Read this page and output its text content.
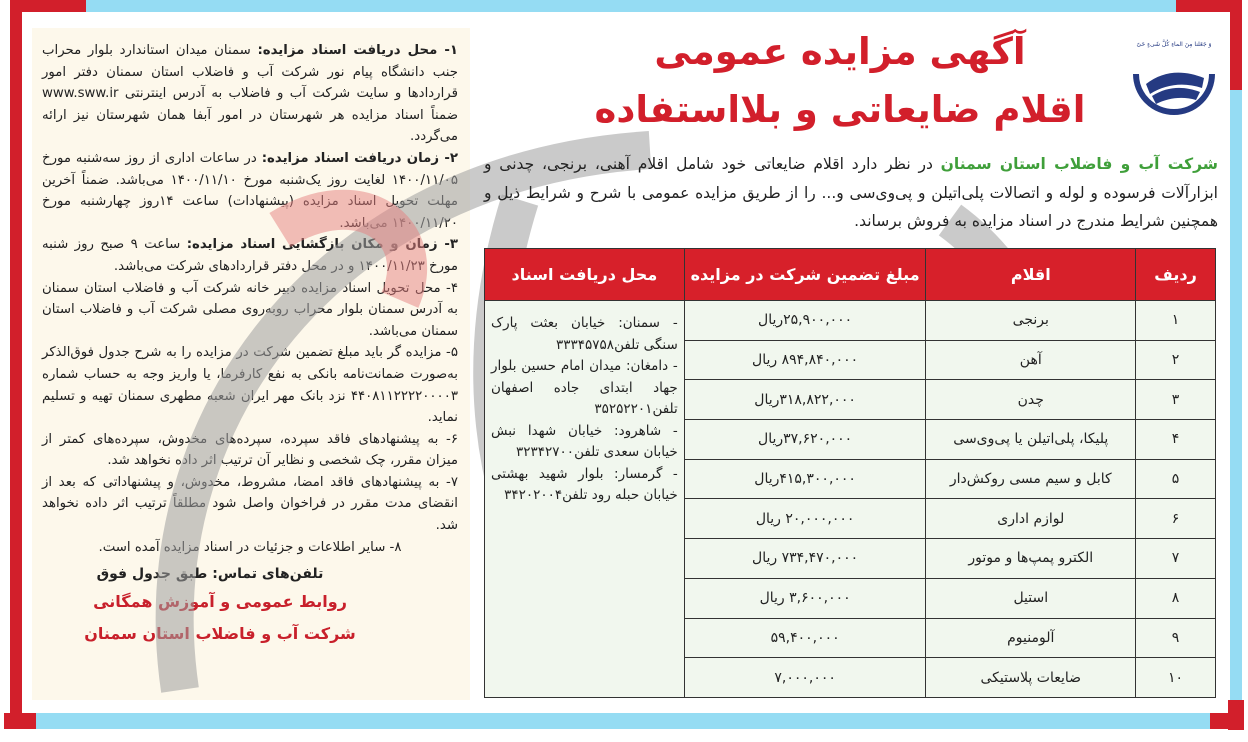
۱- محل دریافت اسناد مزایده: سمنان میدان استاندارد بلوار محراب جنب دانشگاه پیام نور شرکت آب و فاضلاب استان سمنان دفتر امور قراردادها و سایت شرکت آب و فاضلاب به آدرس اینترنتی www.sww.ir ضمناً اسناد مزایده هر شهرستان در امور آبفا همان شهرستان نیز ارائه می‌گردد.

۲- زمان دریافت اسناد مزایده: در ساعات اداری از روز سه‌شنبه مورخ ۱۴۰۰/۱۱/۰۵ لغایت روز یک‌شنبه مورخ ۱۴۰۰/۱۱/۱۰ می‌باشد. ضمناً آخرین مهلت تحویل اسناد مزایده (پیشنهادات) ساعت ۱۴روز چهارشنبه مورخ ۱۴۰۰/۱۱/۲۰ می‌باشد.

۳- زمان و مکان بازگشایی اسناد مزایده: ساعت ۹ صبح روز شنبه مورخ ۱۴۰۰/۱۱/۲۳ و در محل دفتر قراردادهای شرکت می‌باشد.

۴- محل تحویل اسناد مزایده دبیر خانه شرکت آب و فاضلاب استان سمنان به آدرس سمنان بلوار محراب روبه‌روی مصلی شرکت آب و فاضلاب استان سمنان می‌باشد.

۵- مزایده گر باید مبلغ تضمین شرکت در مزایده را به شرح جدول فوق‌الذکر به‌صورت ضمانت‌نامه بانکی به نفع کارفرما، یا واریز وجه به حساب شماره ۴۴۰۸۱۱۲۲۲۲۰۰۰۰۳ نزد بانک مهر ایران شعبه مطهری سمنان تهیه و تسلیم نماید.

۶- به پیشنهادهای فاقد سپرده، سپرده‌های مخدوش، سپرده‌های کمتر از میزان مقرر، چک شخصی و نظایر آن ترتیب اثر داده نخواهد شد.

۷- به پیشنهادهای فاقد امضا، مشروط، مخدوش، و پیشنهاداتی که بعد از انقضای مدت مقرر در فراخوان واصل شود مطلقاً ترتیب اثر داده نخواهد شد.

۸- سایر اطلاعات و جزئیات در اسناد مزایده آمده است.

تلفن‌های تماس: طبق جدول فوق
روابط عمومی و آموزش همگانی
شرکت آب و فاضلاب استان سمنان
آگهی مزایده عمومی
اقلام ضایعاتی و بلااستفاده
وَ جَعَلنا مِنَ الماءِ کُلَّ شَیءٍ حَیّ
شرکت آب و فاضلاب استان سمنان در نظر دارد اقلام ضایعاتی خود شامل اقلام آهنی، برنجی، چدنی و ابزارآلات فرسوده و لوله و اتصالات پلی‌اتیلن و پی‌وی‌سی و... را از طریق مزایده عمومی با شرح و شرایط ذیل و همچنین شرایط مندرج در اسناد مزایده به فروش برساند.
ردیف	اقلام	مبلغ تضمین شرکت در مزایده	محل دریافت اسناد
۱	برنجی	۲۵,۹۰۰,۰۰۰ریال	- سمنان: خیابان بعثت پارک سنگی تلفن۳۳۳۴۵۷۵۸
- دامغان: میدان امام حسین بلوار جهاد ابتدای جاده اصفهان تلفن۳۵۲۵۲۲۰۱
- شاهرود: خیابان شهدا نبش خیابان سعدی تلفن۳۲۳۴۲۷۰۰
- گرمسار: بلوار شهید بهشتی خیابان حبله رود تلفن۳۴۲۰۲۰۰۴

۲	آهن	۸۹۴,۸۴۰,۰۰۰ ریال	
۳	چدن	۳۱۸,۸۲۲,۰۰۰ریال	
۴	پلیکا، پلی‌اتیلن یا پی‌وی‌سی	۳۷,۶۲۰,۰۰۰ریال	
۵	کابل و سیم مسی روکش‌دار	۴۱۵,۳۰۰,۰۰۰ریال	
۶	لوازم اداری	۲۰,۰۰۰,۰۰۰ ریال	
۷	الکترو پمپ‌ها و موتور	۷۳۴,۴۷۰,۰۰۰ ریال	
۸	استیل	۳,۶۰۰,۰۰۰ ریال	
۹	آلومنیوم	۵۹,۴۰۰,۰۰۰	
۱۰	ضایعات پلاستیکی	۷,۰۰۰,۰۰۰	
